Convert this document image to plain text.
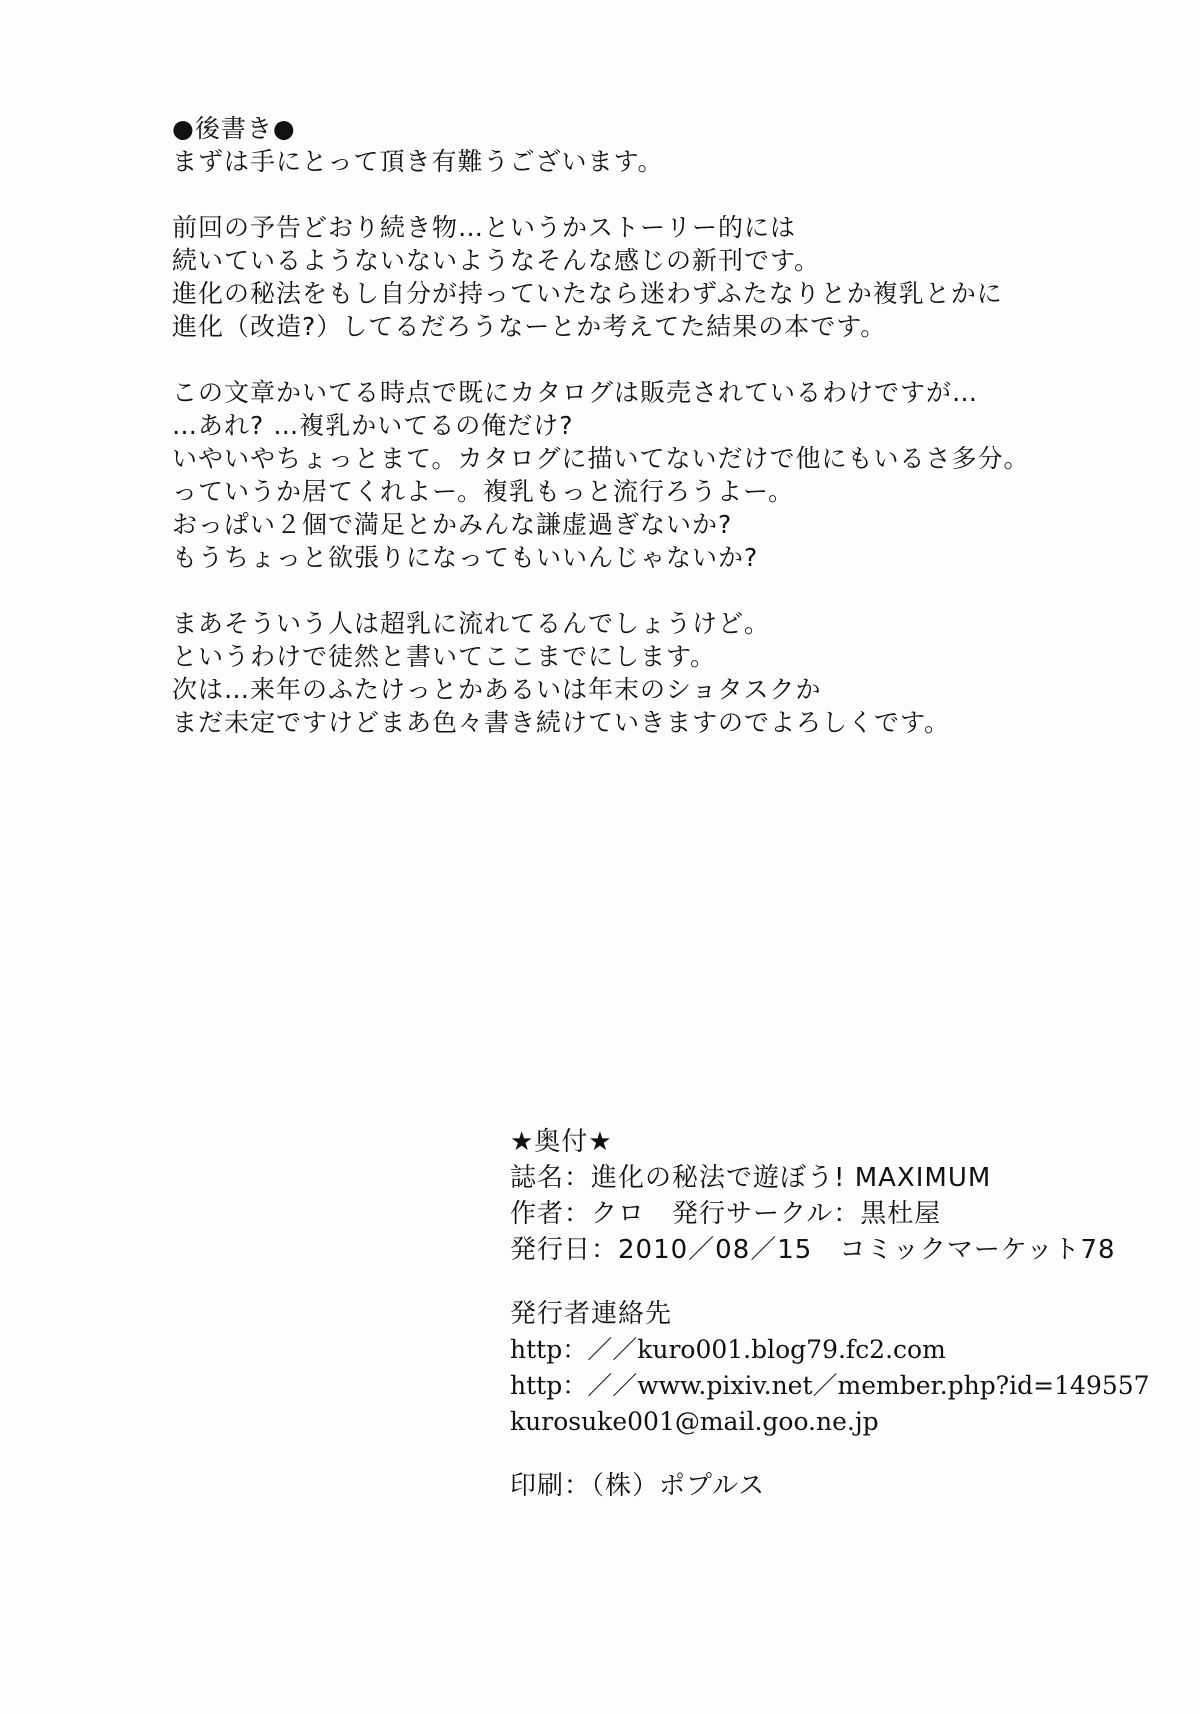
●後書き●
まずは手にとって頂き有難うございます。
前回の予告どおり続き物…というかストーリー的には
続いているようないないようなそんな感じの新刊です。
進化の秘法をもし自分が持っていたなら迷わずふたなりとか複乳とかに
進化（改造?）してるだろうなーとか考えてた結果の本です。
この文章かいてる時点で既にカタログは販売されているわけですが…
…あれ? …複乳かいてるの俺だけ?
いやいやちょっとまて。カタログに描いてないだけで他にもいるさ多分。
っていうか居てくれよー。複乳もっと流行ろうよー。
おっぱい２個で満足とかみんな謙虚過ぎないか?
もうちょっと欲張りになってもいいんじゃないか?
まあそういう人は超乳に流れてるんでしょうけど。
というわけで徒然と書いてここまでにします。
次は…来年のふたけっとかあるいは年末のショタスクか
まだ未定ですけどまあ色々書き続けていきますのでよろしくです。
★奥付★
誌名：進化の秘法で遊ぼう! MAXIMUM
作者：クロ　発行サークル：黒杜屋
発行日：2010／08／15　コミックマーケット78
発行者連絡先
http：／／kuro001.blog79.fc2.com
http：／／www.pixiv.net／member.php?id=149557
kurosuke001@mail.goo.ne.jp
印刷：（株）ポプルス
